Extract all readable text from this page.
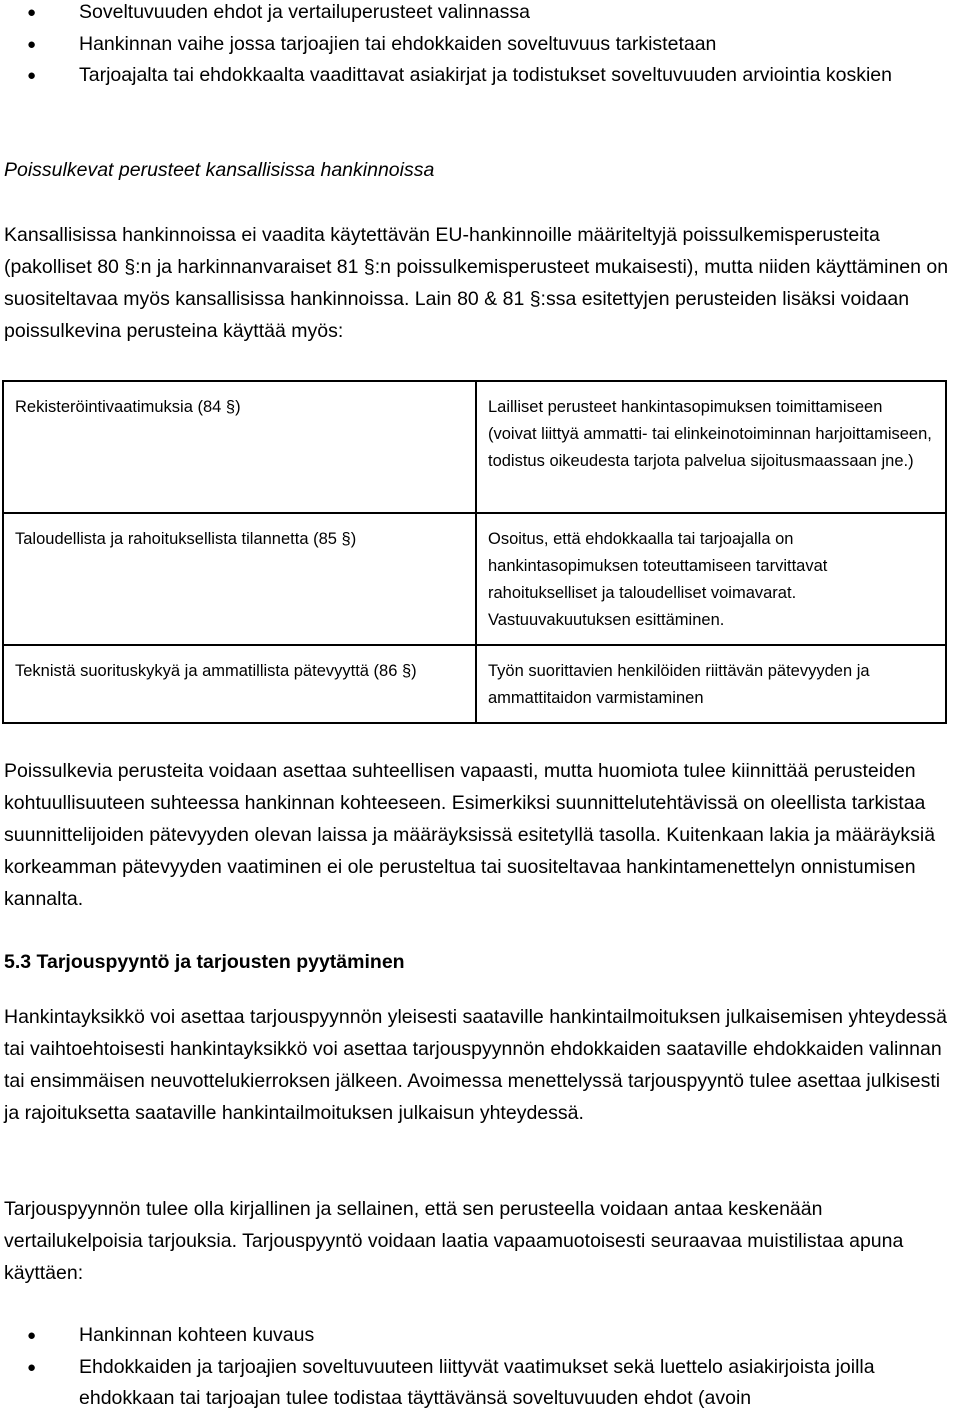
● Soveltuvuuden ehdot ja vertailuperusteet valinnassa
● Hankinnan vaihe jossa tarjoajien tai ehdokkaiden soveltuvuus tarkistetaan
● Tarjoajalta tai ehdokkaalta vaadittavat asiakirjat ja todistukset soveltuvuuden arviointia koskien

Poissulkevat perusteet kansallisissa hankinnoissa

Kansallisissa hankinnoissa ei vaadita käytettävän EU-hankinnoille määriteltyjä poissulkemisperusteita (pakolliset 80 §:n ja harkinnanvaraiset 81 §:n poissulkemisperusteet mukaisesti), mutta niiden käyttäminen on suositeltavaa myös kansallisissa hankinnoissa. Lain 80 & 81 §:ssa esitettyjen perusteiden lisäksi voidaan poissulkevina perusteina käyttää myös:

Rekisteröintivaatimuksia (84 §)	Lailliset perusteet hankintasopimuksen toimittamiseen (voivat liittyä ammatti- tai elinkeinotoiminnan harjoittamiseen, todistus oikeudesta tarjota palvelua sijoitusmaassaan jne.)
Taloudellista ja rahoituksellista tilannetta (85 §)	Osoitus, että ehdokkaalla tai tarjoajalla on hankintasopimuksen toteuttamiseen tarvittavat rahoitukselliset ja taloudelliset voimavarat. Vastuuvakuutuksen esittäminen.
Teknistä suorituskykyä ja ammatillista pätevyyttä (86 §)	Työn suorittavien henkilöiden riittävän pätevyyden ja ammattitaidon varmistaminen

Poissulkevia perusteita voidaan asettaa suhteellisen vapaasti, mutta huomiota tulee kiinnittää perusteiden kohtuullisuuteen suhteessa hankinnan kohteeseen. Esimerkiksi suunnittelutehtävissä on oleellista tarkistaa suunnittelijoiden pätevyyden olevan laissa ja määräyksissä esitetyllä tasolla. Kuitenkaan lakia ja määräyksiä korkeamman pätevyyden vaatiminen ei ole perusteltua tai suositeltavaa hankintamenettelyn onnistumisen kannalta.

5.3 Tarjouspyyntö ja tarjousten pyytäminen

Hankintayksikkö voi asettaa tarjouspyynnön yleisesti saataville hankintailmoituksen julkaisemisen yhteydessä tai vaihtoehtoisesti hankintayksikkö voi asettaa tarjouspyynnön ehdokkaiden saataville ehdokkaiden valinnan tai ensimmäisen neuvottelukierroksen jälkeen. Avoimessa menettelyssä tarjouspyyntö tulee asettaa julkisesti ja rajoituksetta saataville hankintailmoituksen julkaisun yhteydessä.

Tarjouspyynnön tulee olla kirjallinen ja sellainen, että sen perusteella voidaan antaa keskenään vertailukelpoisia tarjouksia. Tarjouspyyntö voidaan laatia vapaamuotoisesti seuraavaa muistilistaa apuna käyttäen:

● Hankinnan kohteen kuvaus
● Ehdokkaiden ja tarjoajien soveltuvuuteen liittyvät vaatimukset sekä luettelo asiakirjoista joilla ehdokkaan tai tarjoajan tulee todistaa täyttävänsä soveltuvuuden ehdot (avoin
